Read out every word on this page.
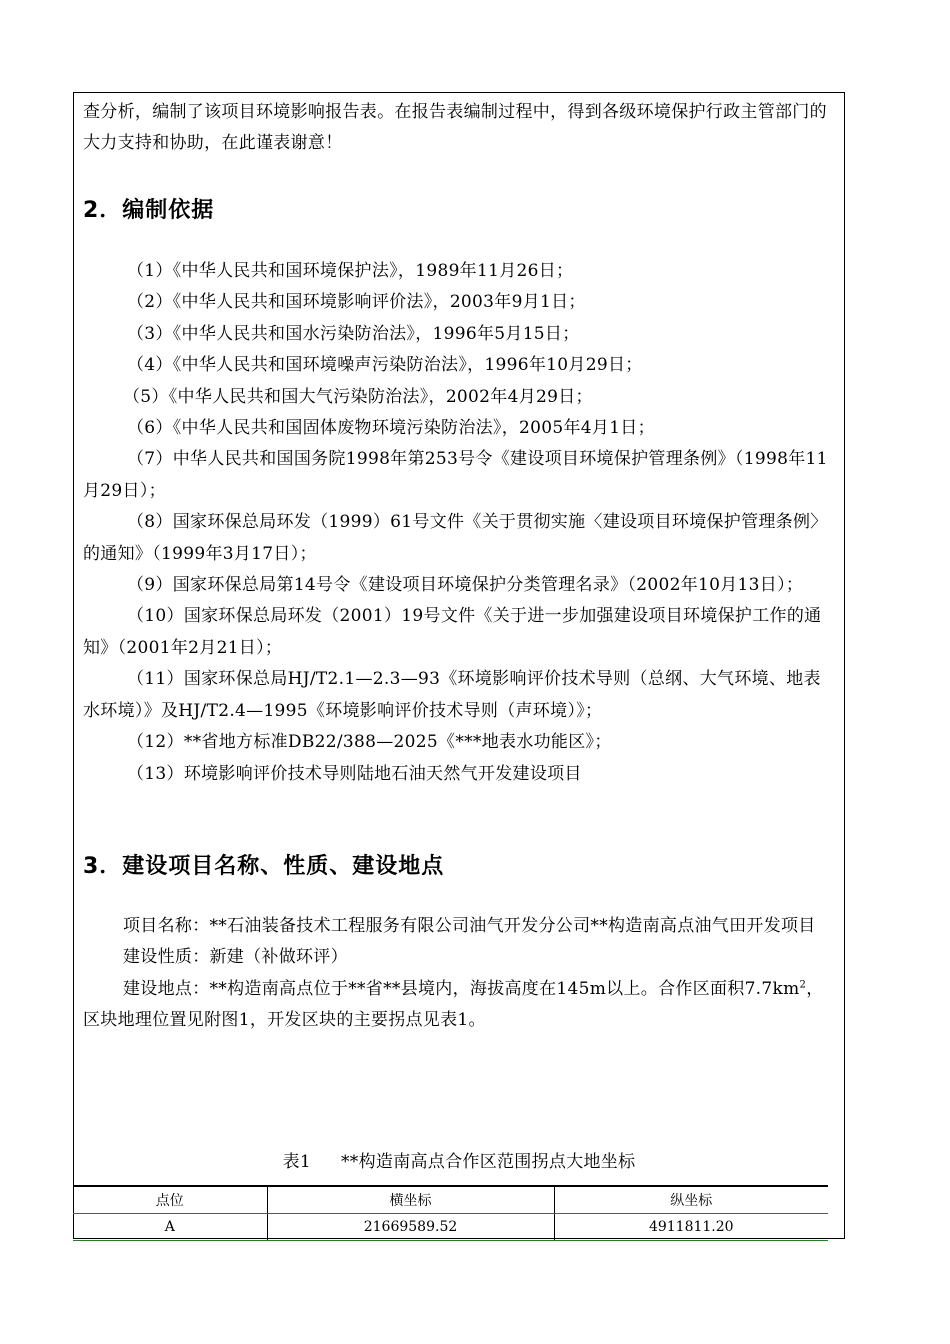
查分析，编制了该项目环境影响报告表。在报告表编制过程中，得到各级环境保护行政主管部门的大力支持和协助，在此谨表谢意！
2．编制依据
（1）《中华人民共和国环境保护法》，1989年11月26日；
（2）《中华人民共和国环境影响评价法》，2003年9月1日；
（3）《中华人民共和国水污染防治法》，1996年5月15日；
（4）《中华人民共和国环境噪声污染防治法》，1996年10月29日；
（5）《中华人民共和国大气污染防治法》，2002年4月29日；
（6）《中华人民共和国固体废物环境污染防治法》，2005年4月1日；
（7）中华人民共和国国务院1998年第253号令《建设项目环境保护管理条例》（1998年11月29日）；
（8）国家环保总局环发（1999）61号文件《关于贯彻实施〈建设项目环境保护管理条例〉的通知》（1999年3月17日）；
（9）国家环保总局第14号令《建设项目环境保护分类管理名录》（2002年10月13日）；
（10）国家环保总局环发（2001）19号文件《关于进一步加强建设项目环境保护工作的通知》（2001年2月21日）；
（11）国家环保总局HJ/T2.1—2.3—93《环境影响评价技术导则（总纲、大气环境、地表水环境）》及HJ/T2.4—1995《环境影响评价技术导则（声环境）》；
（12）**省地方标准DB22/388—2025《***地表水功能区》；
（13）环境影响评价技术导则陆地石油天然气开发建设项目
3．建设项目名称、性质、建设地点
项目名称：**石油装备技术工程服务有限公司油气开发分公司**构造南高点油气田开发项目
建设性质：新建（补做环评）
建设地点：**构造南高点位于**省**县境内，海拔高度在145m以上。合作区面积$7.7km^2$，区块地理位置见附图1，开发区块的主要拐点见表1。
表1 **构造南高点合作区范围拐点大地坐标
点位	横坐标	纵坐标
A	21669589.52	4911811.20
